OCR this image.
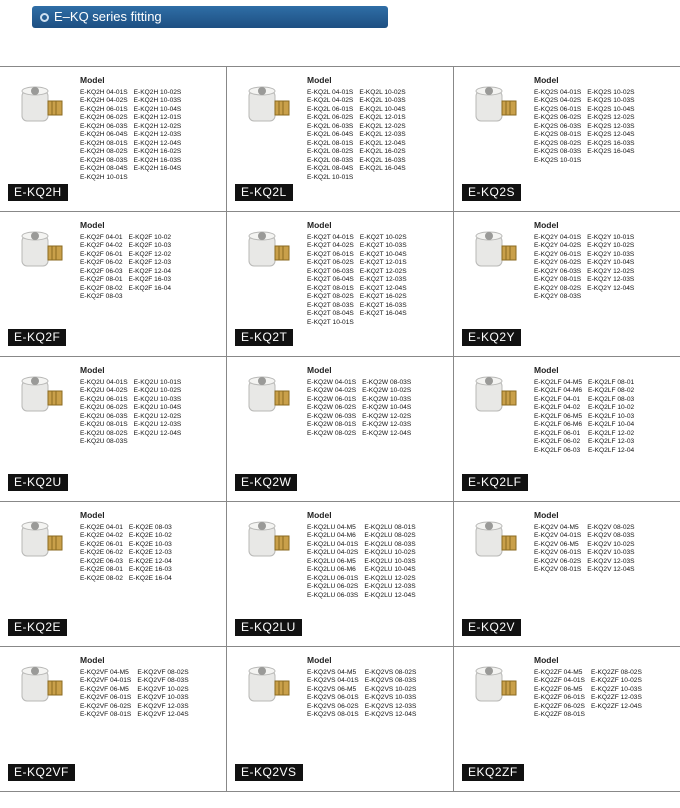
E–KQ series fitting
Model
E-KQ2H 04-01S
E-KQ2H 04-02S
E-KQ2H 06-01S
E-KQ2H 06-02S
E-KQ2H 06-03S
E-KQ2H 06-04S
E-KQ2H 08-01S
E-KQ2H 08-02S
E-KQ2H 08-03S
E-KQ2H 08-04S
E-KQ2H 10-01S
E-KQ2H 10-02S
E-KQ2H 10-03S
E-KQ2H 10-04S
E-KQ2H 12-01S
E-KQ2H 12-02S
E-KQ2H 12-03S
E-KQ2H 12-04S
E-KQ2H 16-02S
E-KQ2H 16-03S
E-KQ2H 16-04S
E-KQ2H
Model
E-KQ2L 04-01S
E-KQ2L 04-02S
E-KQ2L 06-01S
E-KQ2L 06-02S
E-KQ2L 06-03S
E-KQ2L 06-04S
E-KQ2L 08-01S
E-KQ2L 08-02S
E-KQ2L 08-03S
E-KQ2L 08-04S
E-KQ2L 10-01S
E-KQ2L 10-02S
E-KQ2L 10-03S
E-KQ2L 10-04S
E-KQ2L 12-01S
E-KQ2L 12-02S
E-KQ2L 12-03S
E-KQ2L 12-04S
E-KQ2L 16-02S
E-KQ2L 16-03S
E-KQ2L 16-04S
E-KQ2L
Model
E-KQ2S 04-01S
E-KQ2S 04-02S
E-KQ2S 06-01S
E-KQ2S 06-02S
E-KQ2S 06-03S
E-KQ2S 08-01S
E-KQ2S 08-02S
E-KQ2S 08-03S
E-KQ2S 10-01S
E-KQ2S 10-02S
E-KQ2S 10-03S
E-KQ2S 10-04S
E-KQ2S 12-02S
E-KQ2S 12-03S
E-KQ2S 12-04S
E-KQ2S 16-03S
E-KQ2S 16-04S
E-KQ2S
Model
E-KQ2F 04-01
E-KQ2F 04-02
E-KQ2F 06-01
E-KQ2F 06-02
E-KQ2F 06-03
E-KQ2F 08-01
E-KQ2F 08-02
E-KQ2F 08-03
E-KQ2F 10-02
E-KQ2F 10-03
E-KQ2F 12-02
E-KQ2F 12-03
E-KQ2F 12-04
E-KQ2F 16-03
E-KQ2F 16-04
E-KQ2F
Model
E-KQ2T 04-01S
E-KQ2T 04-02S
E-KQ2T 06-01S
E-KQ2T 06-02S
E-KQ2T 06-03S
E-KQ2T 06-04S
E-KQ2T 08-01S
E-KQ2T 08-02S
E-KQ2T 08-03S
E-KQ2T 08-04S
E-KQ2T 10-01S
E-KQ2T 10-02S
E-KQ2T 10-03S
E-KQ2T 10-04S
E-KQ2T 12-01S
E-KQ2T 12-02S
E-KQ2T 12-03S
E-KQ2T 12-04S
E-KQ2T 16-02S
E-KQ2T 16-03S
E-KQ2T 16-04S
E-KQ2T
Model
E-KQ2Y 04-01S
E-KQ2Y 04-02S
E-KQ2Y 06-01S
E-KQ2Y 06-02S
E-KQ2Y 06-03S
E-KQ2Y 08-01S
E-KQ2Y 08-02S
E-KQ2Y 08-03S
E-KQ2Y 10-01S
E-KQ2Y 10-02S
E-KQ2Y 10-03S
E-KQ2Y 10-04S
E-KQ2Y 12-02S
E-KQ2Y 12-03S
E-KQ2Y 12-04S
E-KQ2Y
Model
E-KQ2U 04-01S
E-KQ2U 04-02S
E-KQ2U 06-01S
E-KQ2U 06-02S
E-KQ2U 06-03S
E-KQ2U 08-01S
E-KQ2U 08-02S
E-KQ2U 08-03S
E-KQ2U 10-01S
E-KQ2U 10-02S
E-KQ2U 10-03S
E-KQ2U 10-04S
E-KQ2U 12-02S
E-KQ2U 12-03S
E-KQ2U 12-04S
E-KQ2U
Model
E-KQ2W 04-01S
E-KQ2W 04-02S
E-KQ2W 06-01S
E-KQ2W 06-02S
E-KQ2W 06-03S
E-KQ2W 08-01S
E-KQ2W 08-02S
E-KQ2W 08-03S
E-KQ2W 10-02S
E-KQ2W 10-03S
E-KQ2W 10-04S
E-KQ2W 12-02S
E-KQ2W 12-03S
E-KQ2W 12-04S
E-KQ2W
Model
E-KQ2LF 04-M5
E-KQ2LF 04-M6
E-KQ2LF 04-01
E-KQ2LF 04-02
E-KQ2LF 06-M5
E-KQ2LF 06-M6
E-KQ2LF 06-01
E-KQ2LF 06-02
E-KQ2LF 06-03
E-KQ2LF 08-01
E-KQ2LF 08-02
E-KQ2LF 08-03
E-KQ2LF 10-02
E-KQ2LF 10-03
E-KQ2LF 10-04
E-KQ2LF 12-02
E-KQ2LF 12-03
E-KQ2LF 12-04
E-KQ2LF
Model
E-KQ2E 04-01
E-KQ2E 04-02
E-KQ2E 06-01
E-KQ2E 06-02
E-KQ2E 06-03
E-KQ2E 08-01
E-KQ2E 08-02
E-KQ2E 08-03
E-KQ2E 10-02
E-KQ2E 10-03
E-KQ2E 12-03
E-KQ2E 12-04
E-KQ2E 16-03
E-KQ2E 16-04
E-KQ2E
Model
E-KQ2LU 04-M5
E-KQ2LU 04-M6
E-KQ2LU 04-01S
E-KQ2LU 04-02S
E-KQ2LU 06-M5
E-KQ2LU 06-M6
E-KQ2LU 06-01S
E-KQ2LU 06-02S
E-KQ2LU 06-03S
E-KQ2LU 08-01S
E-KQ2LU 08-02S
E-KQ2LU 08-03S
E-KQ2LU 10-02S
E-KQ2LU 10-03S
E-KQ2LU 10-04S
E-KQ2LU 12-02S
E-KQ2LU 12-03S
E-KQ2LU 12-04S
E-KQ2LU
Model
E-KQ2V 04-M5
E-KQ2V 04-01S
E-KQ2V 06-M5
E-KQ2V 06-01S
E-KQ2V 06-02S
E-KQ2V 08-01S
E-KQ2V 08-02S
E-KQ2V 08-03S
E-KQ2V 10-02S
E-KQ2V 10-03S
E-KQ2V 12-03S
E-KQ2V 12-04S
E-KQ2V
Model
E-KQ2VF 04-M5
E-KQ2VF 04-01S
E-KQ2VF 06-M5
E-KQ2VF 06-01S
E-KQ2VF 06-02S
E-KQ2VF 08-01S
E-KQ2VF 08-02S
E-KQ2VF 08-03S
E-KQ2VF 10-02S
E-KQ2VF 10-03S
E-KQ2VF 12-03S
E-KQ2VF 12-04S
E-KQ2VF
Model
E-KQ2VS 04-M5
E-KQ2VS 04-01S
E-KQ2VS 06-M5
E-KQ2VS 06-01S
E-KQ2VS 06-02S
E-KQ2VS 08-01S
E-KQ2VS 08-02S
E-KQ2VS 08-03S
E-KQ2VS 10-02S
E-KQ2VS 10-03S
E-KQ2VS 12-03S
E-KQ2VS 12-04S
E-KQ2VS
Model
E-KQ2ZF 04-M5
E-KQ2ZF 04-01S
E-KQ2ZF 06-M5
E-KQ2ZF 06-01S
E-KQ2ZF 06-02S
E-KQ2ZF 08-01S
E-KQ2ZF 08-02S
E-KQ2ZF 10-02S
E-KQ2ZF 10-03S
E-KQ2ZF 12-03S
E-KQ2ZF 12-04S
EKQ2ZF
